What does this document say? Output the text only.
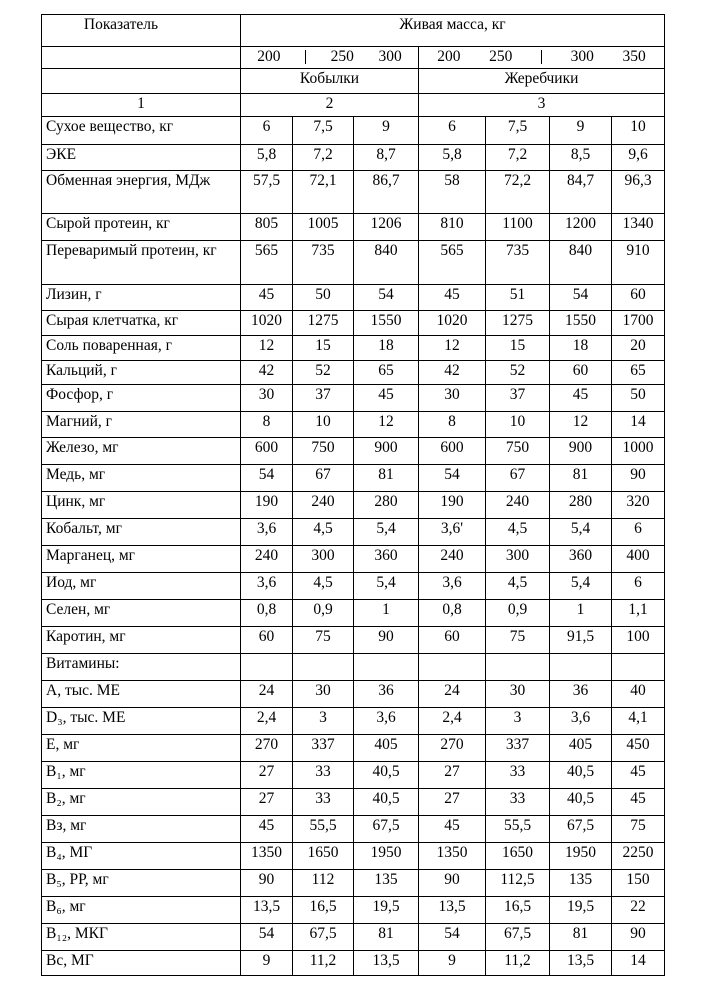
Показатель	Живая масса, кг						

	200 250 300			200 250 300 350			

	Кобылки			Жеребчики			
1	2			3			
Сухое вещество, кг	6	7,5	9	6	7,5	9	10
ЭКЕ	5,8	7,2	8,7	5,8	7,2	8,5	9,6
Обменная энергия, МДж	57,5	72,1	86,7	58	72,2	84,7	96,3
Сырой протеин, кг	805	1005	1206	810	1100	1200	1340
Переваримый протеин, кг	565	735	840	565	735	840	910
Лизин, г	45	50	54	45	51	54	60
Сырая клетчатка, кг	1020	1275	1550	1020	1275	1550	1700
Соль поваренная, г	12	15	18	12	15	18	20
Кальций, г	42	52	65	42	52	60	65
Фосфор, г	30	37	45	30	37	45	50
Магний, г	8	10	12	8	10	12	14
Железо, мг	600	750	900	600	750	900	1000
Медь, мг	54	67	81	54	67	81	90
Цинк, мг	190	240	280	190	240	280	320
Кобальт, мг	3,6	4,5	5,4	3,6'	4,5	5,4	6
Марганец, мг	240	300	360	240	300	360	400
Иод, мг	3,6	4,5	5,4	3,6	4,5	5,4	6
Селен, мг	0,8	0,9	1	0,8	0,9	1	1,1
Каротин, мг	60	75	90	60	75	91,5	100
Витамины:							
А, тыс. МЕ	24	30	36	24	30	36	40
D₃, тыс. МЕ	2,4	3	3,6	2,4	3	3,6	4,1
Е, мг	270	337	405	270	337	405	450
B₁, мг	27	33	40,5	27	33	40,5	45
B₂, мг	27	33	40,5	27	33	40,5	45
Bз, мг	45	55,5	67,5	45	55,5	67,5	75
B₄, МГ	1350	1650	1950	1350	1650	1950	2250
B₅, РР, мг	90	112	135	90	112,5	135	150
B₆, мг	13,5	16,5	19,5	13,5	16,5	19,5	22
B₁₂, МКГ	54	67,5	81	54	67,5	81	90
Bc, МГ	9	11,2	13,5	9	11,2	13,5	14
